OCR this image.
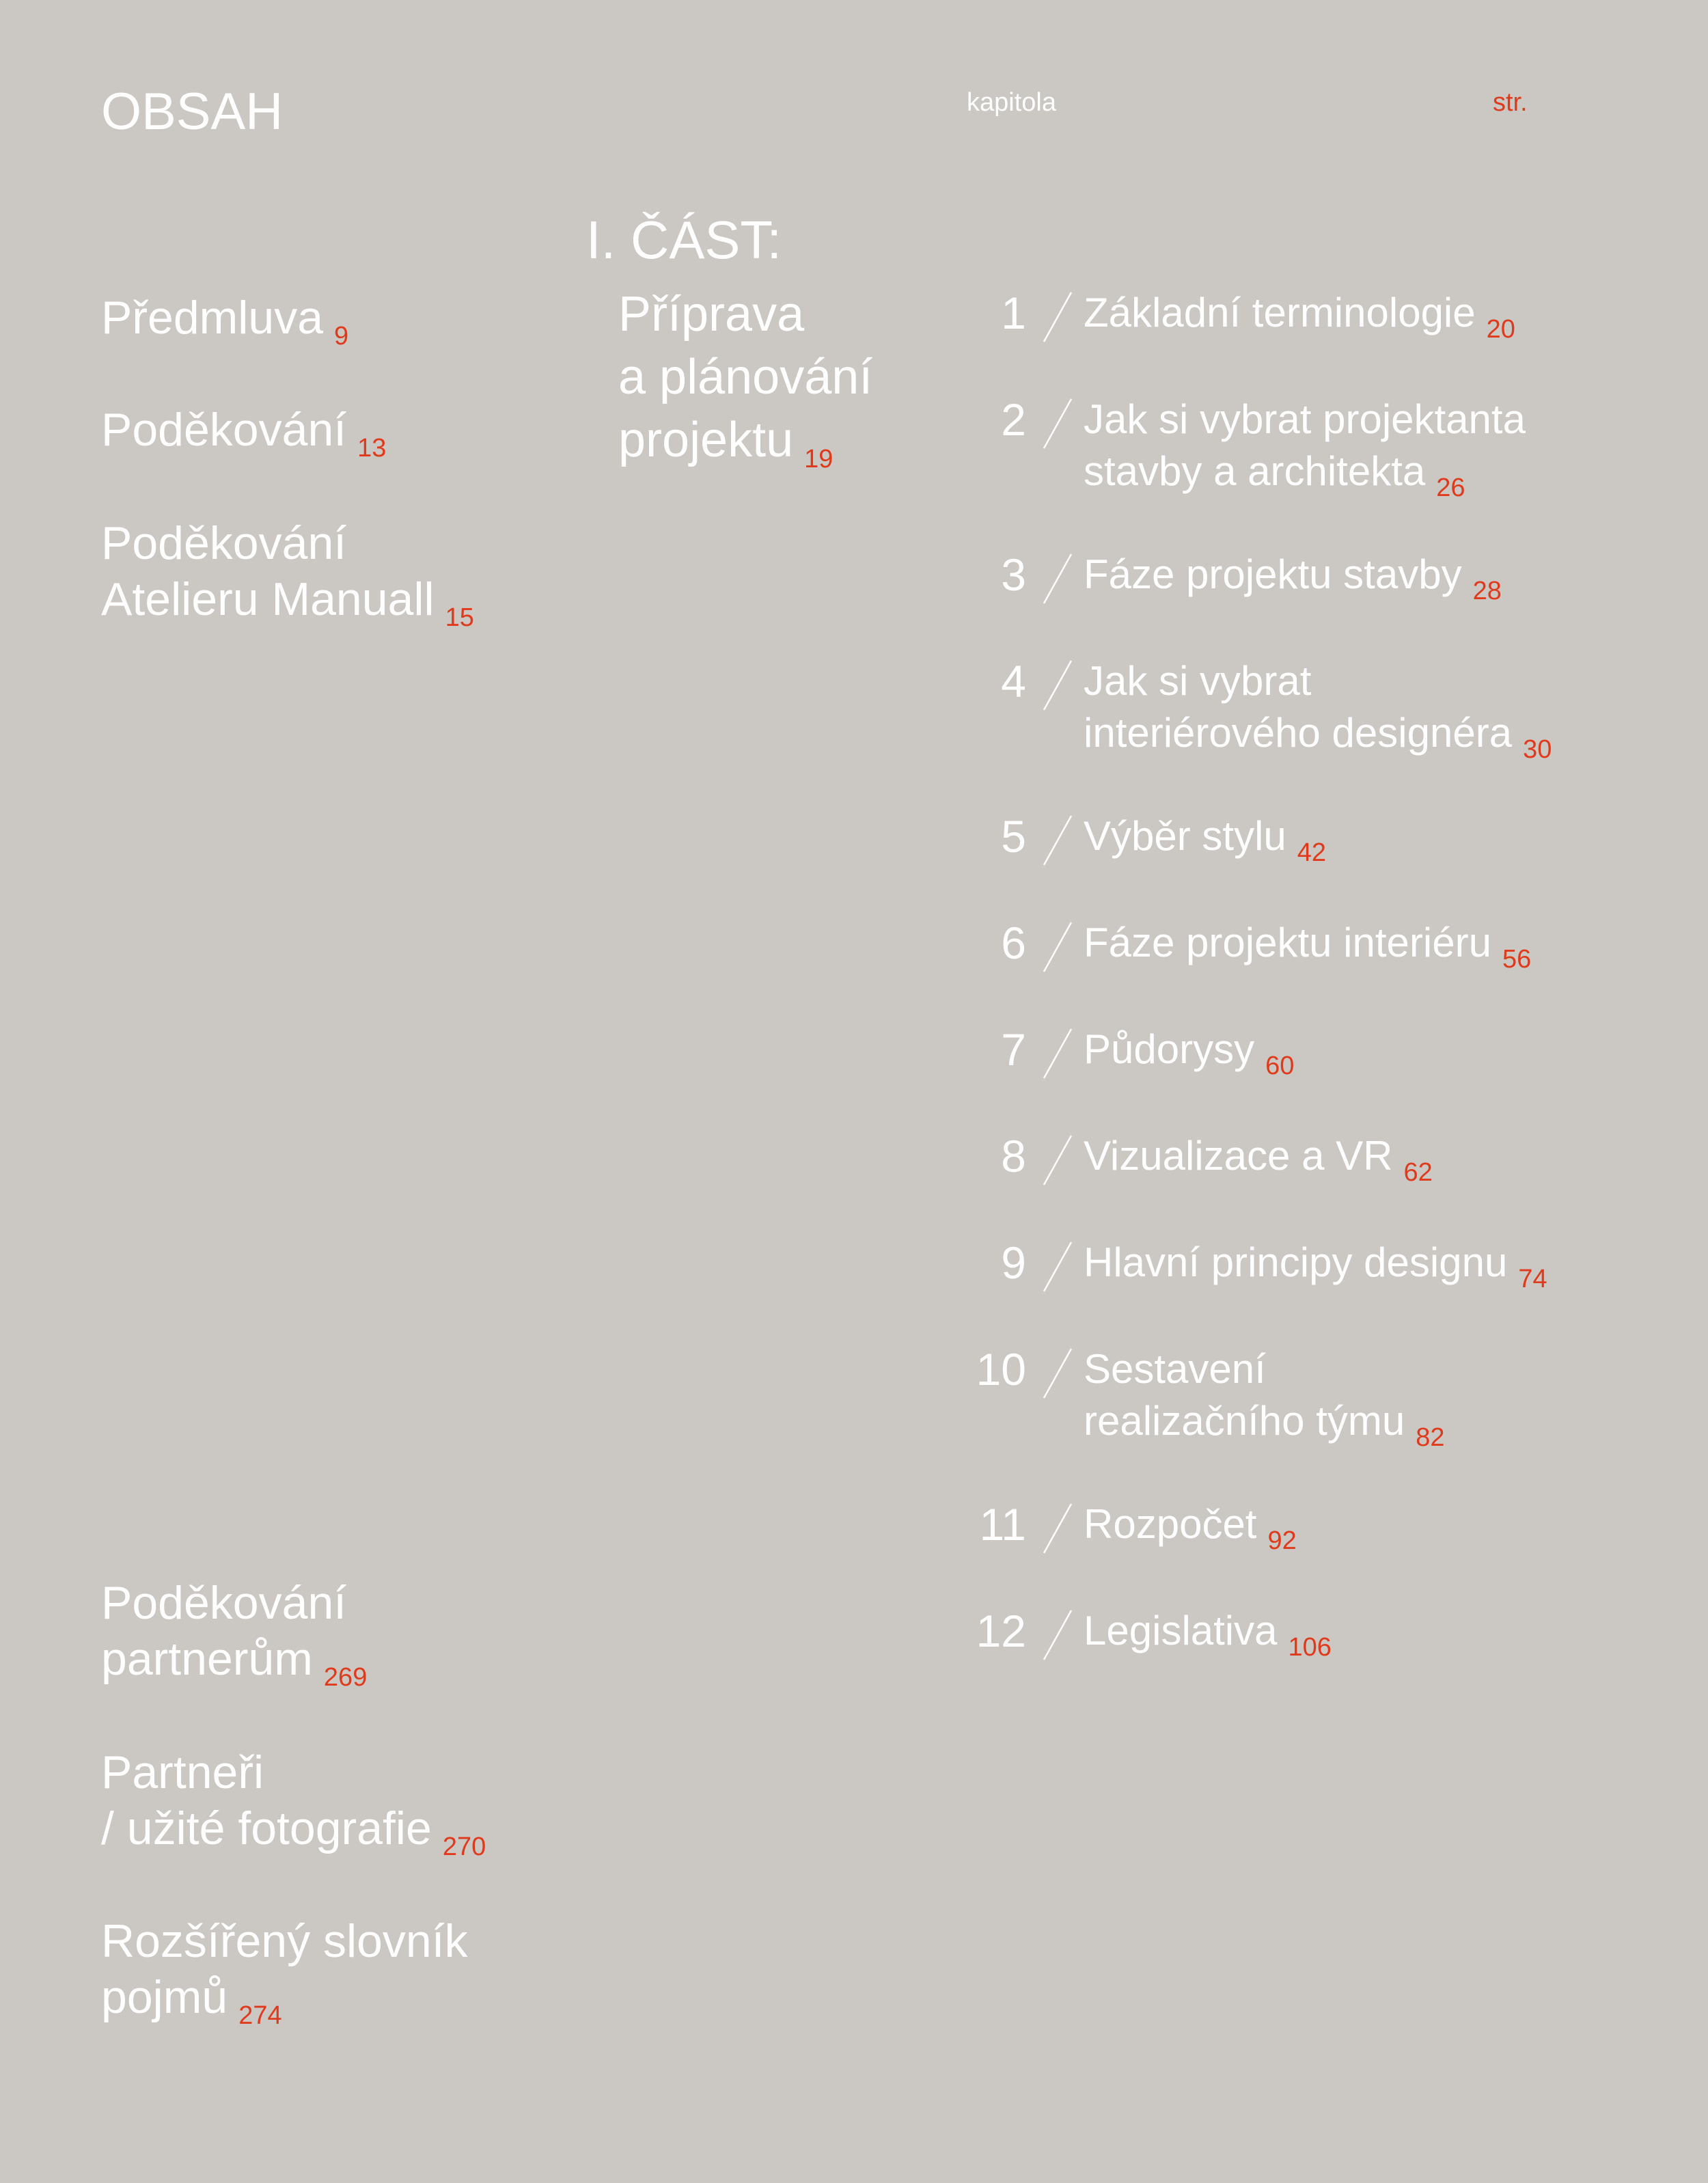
OBSAH	kapitola	str.
Předmluva $_9$
Poděkování $_{13}$
Poděkování
Atelieru Manuall $_{15}$
Poděkování
partnerům $_{269}$
Partneři
/ užité fotografie $_{270}$
Rozšířený slovník
pojmů $_{274}$
I. ČÁST:
Příprava
a plánování
projektu $_{19}$
1 Základní terminologie $_{20}$
2 Jak si vybrat projektanta
stavby a architekta $_{26}$
3 Fáze projektu stavby $_{28}$
4 Jak si vybrat
interiérového designéra $_{30}$
5 Výběr stylu $_{42}$
6 Fáze projektu interiéru $_{56}$
7 Půdorysy $_{60}$
8 Vizualizace a VR $_{62}$
9 Hlavní principy designu $_{74}$
10 Sestavení
realizačního týmu $_{82}$
11 Rozpočet $_{92}$
12 Legislativa $_{106}$
